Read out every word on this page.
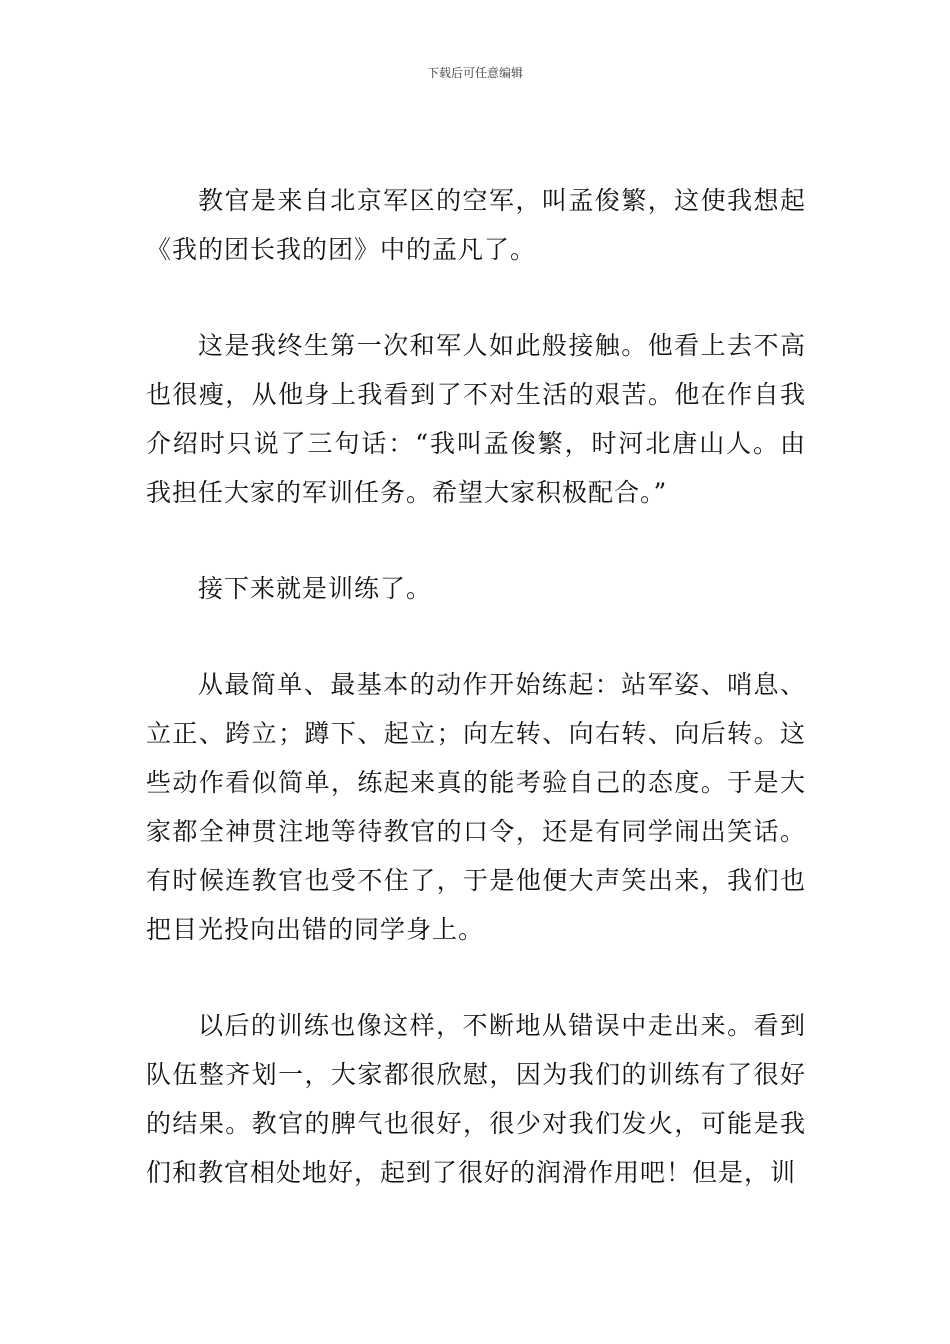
下载后可任意编辑

教官是来自北京军区的空军，叫孟俊繁，这使我想起《我的团长我的团》中的孟凡了。

这是我终生第一次和军人如此般接触。他看上去不高也很瘦，从他身上我看到了不对生活的艰苦。他在作自我介绍时只说了三句话：“我叫孟俊繁，时河北唐山人。由我担任大家的军训任务。希望大家积极配合。”

接下来就是训练了。

从最简单、最基本的动作开始练起：站军姿、哨息、立正、跨立；蹲下、起立；向左转、向右转、向后转。这些动作看似简单，练起来真的能考验自己的态度。于是大家都全神贯注地等待教官的口令，还是有同学闹出笑话。有时候连教官也受不住了，于是他便大声笑出来，我们也把目光投向出错的同学身上。

以后的训练也像这样，不断地从错误中走出来。看到队伍整齐划一，大家都很欣慰，因为我们的训练有了很好的结果。教官的脾气也很好，很少对我们发火，可能是我们和教官相处地好，起到了很好的润滑作用吧！但是，训
